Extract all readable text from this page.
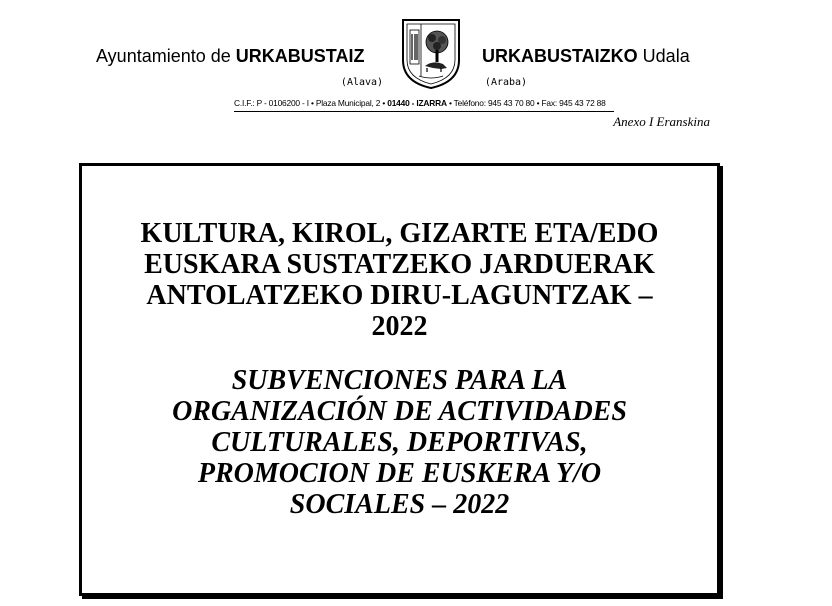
Ayuntamiento de URKABUSTAIZ
(Alava)
URKABUSTAIZKO Udala
(Araba)
C.I.F.: P - 0106200 - I • Plaza Municipal, 2 • 01440 - IZARRA • Teléfono: 945 43 70 80 • Fax: 945 43 72 88
Anexo I Eranskina
KULTURA, KIROL, GIZARTE ETA/EDO
EUSKARA SUSTATZEKO JARDUERAK
ANTOLATZEKO DIRU-LAGUNTZAK –
2022
SUBVENCIONES PARA LA
ORGANIZACIÓN DE ACTIVIDADES
CULTURALES, DEPORTIVAS,
PROMOCION DE EUSKERA Y/O
SOCIALES – 2022
